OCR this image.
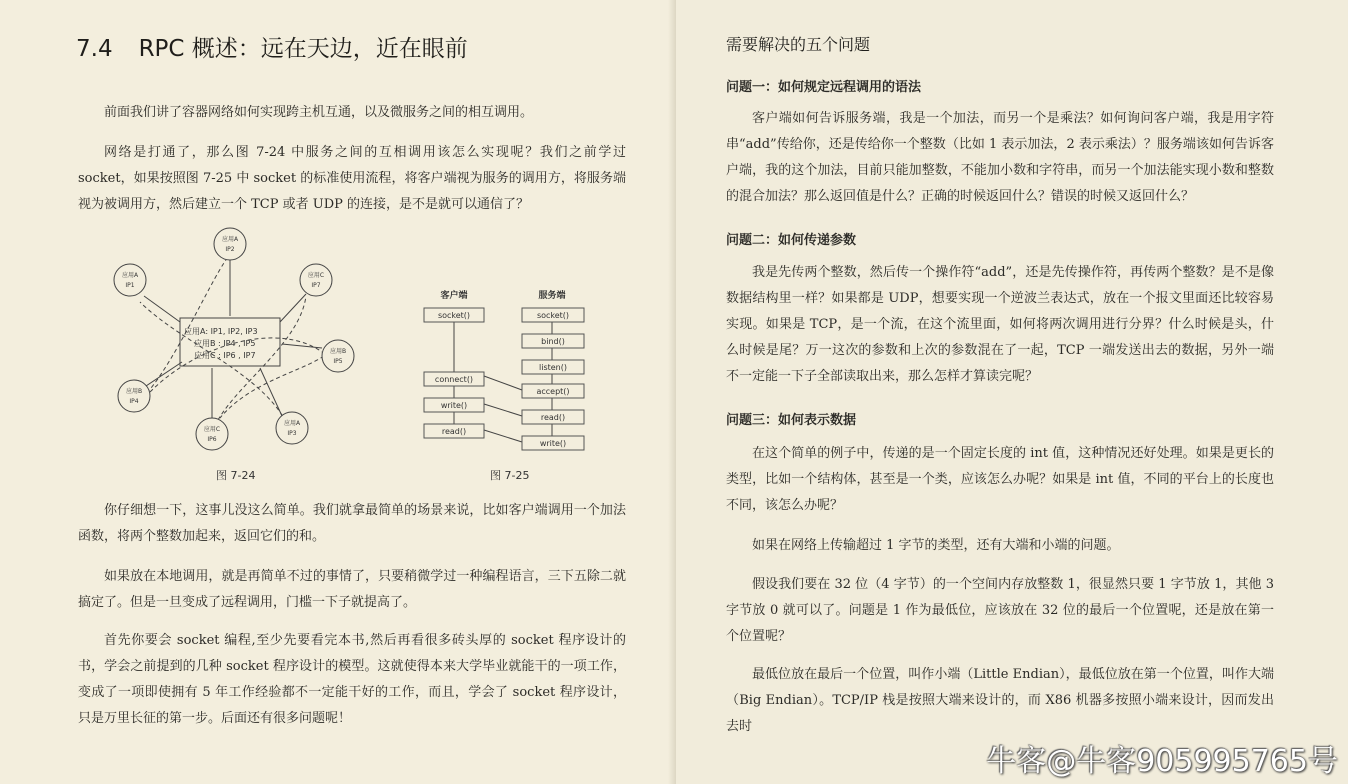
7.4 RPC 概述：远在天边，近在眼前

前面我们讲了容器网络如何实现跨主机互通，以及微服务之间的相互调用。

网络是打通了，那么图 7-24 中服务之间的互相调用该怎么实现呢？我们之前学过 socket，如果按照图 7-25 中 socket 的标准使用流程，将客户端视为服务的调用方，将服务端视为被调用方，然后建立一个 TCP 或者 UDP 的连接，是不是就可以通信了？

应用A: IP1, IP2, IP3
应用B : IP4 , IP5
应用C : IP6 , IP7
应用A
IP2
应用A
IP1
应用C
IP7
应用B
IP5
应用B
IP4
应用C
IP6
应用A
IP3

图 7-24

客户端	服务端
socket()
connect()
write()
read()
socket()
bind()
listen()
accept()
read()
write()

图 7-25

你仔细想一下，这事儿没这么简单。我们就拿最简单的场景来说，比如客户端调用一个加法函数，将两个整数加起来，返回它们的和。

如果放在本地调用，就是再简单不过的事情了，只要稍微学过一种编程语言，三下五除二就搞定了。但是一旦变成了远程调用，门槛一下子就提高了。

首先你要会 socket 编程,至少先要看完本书,然后再看很多砖头厚的 socket 程序设计的书，学会之前提到的几种 socket 程序设计的模型。这就使得本来大学毕业就能干的一项工作，变成了一项即使拥有 5 年工作经验都不一定能干好的工作，而且，学会了 socket 程序设计，只是万里长征的第一步。后面还有很多问题呢！

需要解决的五个问题
问题一：如何规定远程调用的语法

客户端如何告诉服务端，我是一个加法，而另一个是乘法？如何询问客户端，我是用字符串“add”传给你，还是传给你一个整数（比如 1 表示加法，2 表示乘法）？服务端该如何告诉客户端，我的这个加法，目前只能加整数，不能加小数和字符串，而另一个加法能实现小数和整数的混合加法？那么返回值是什么？正确的时候返回什么？错误的时候又返回什么？

问题二：如何传递参数

我是先传两个整数，然后传一个操作符“add”，还是先传操作符，再传两个整数？是不是像数据结构里一样？如果都是 UDP，想要实现一个逆波兰表达式，放在一个报文里面还比较容易实现。如果是 TCP，是一个流，在这个流里面，如何将两次调用进行分界？什么时候是头，什么时候是尾？万一这次的参数和上次的参数混在了一起，TCP 一端发送出去的数据，另外一端不一定能一下子全部读取出来，那么怎样才算读完呢？

问题三：如何表示数据

在这个简单的例子中，传递的是一个固定长度的 int 值，这种情况还好处理。如果是更长的类型，比如一个结构体，甚至是一个类，应该怎么办呢？如果是 int 值，不同的平台上的长度也不同，该怎么办呢？

如果在网络上传输超过 1 字节的类型，还有大端和小端的问题。

假设我们要在 32 位（4 字节）的一个空间内存放整数 1，很显然只要 1 字节放 1，其他 3 字节放 0 就可以了。问题是 1 作为最低位，应该放在 32 位的最后一个位置呢，还是放在第一个位置呢？

最低位放在最后一个位置，叫作小端（Little Endian），最低位放在第一个位置，叫作大端（Big Endian）。TCP/IP 栈是按照大端来设计的，而 X86 机器多按照小端来设计，因而发出去时

牛客@牛客905995765号
